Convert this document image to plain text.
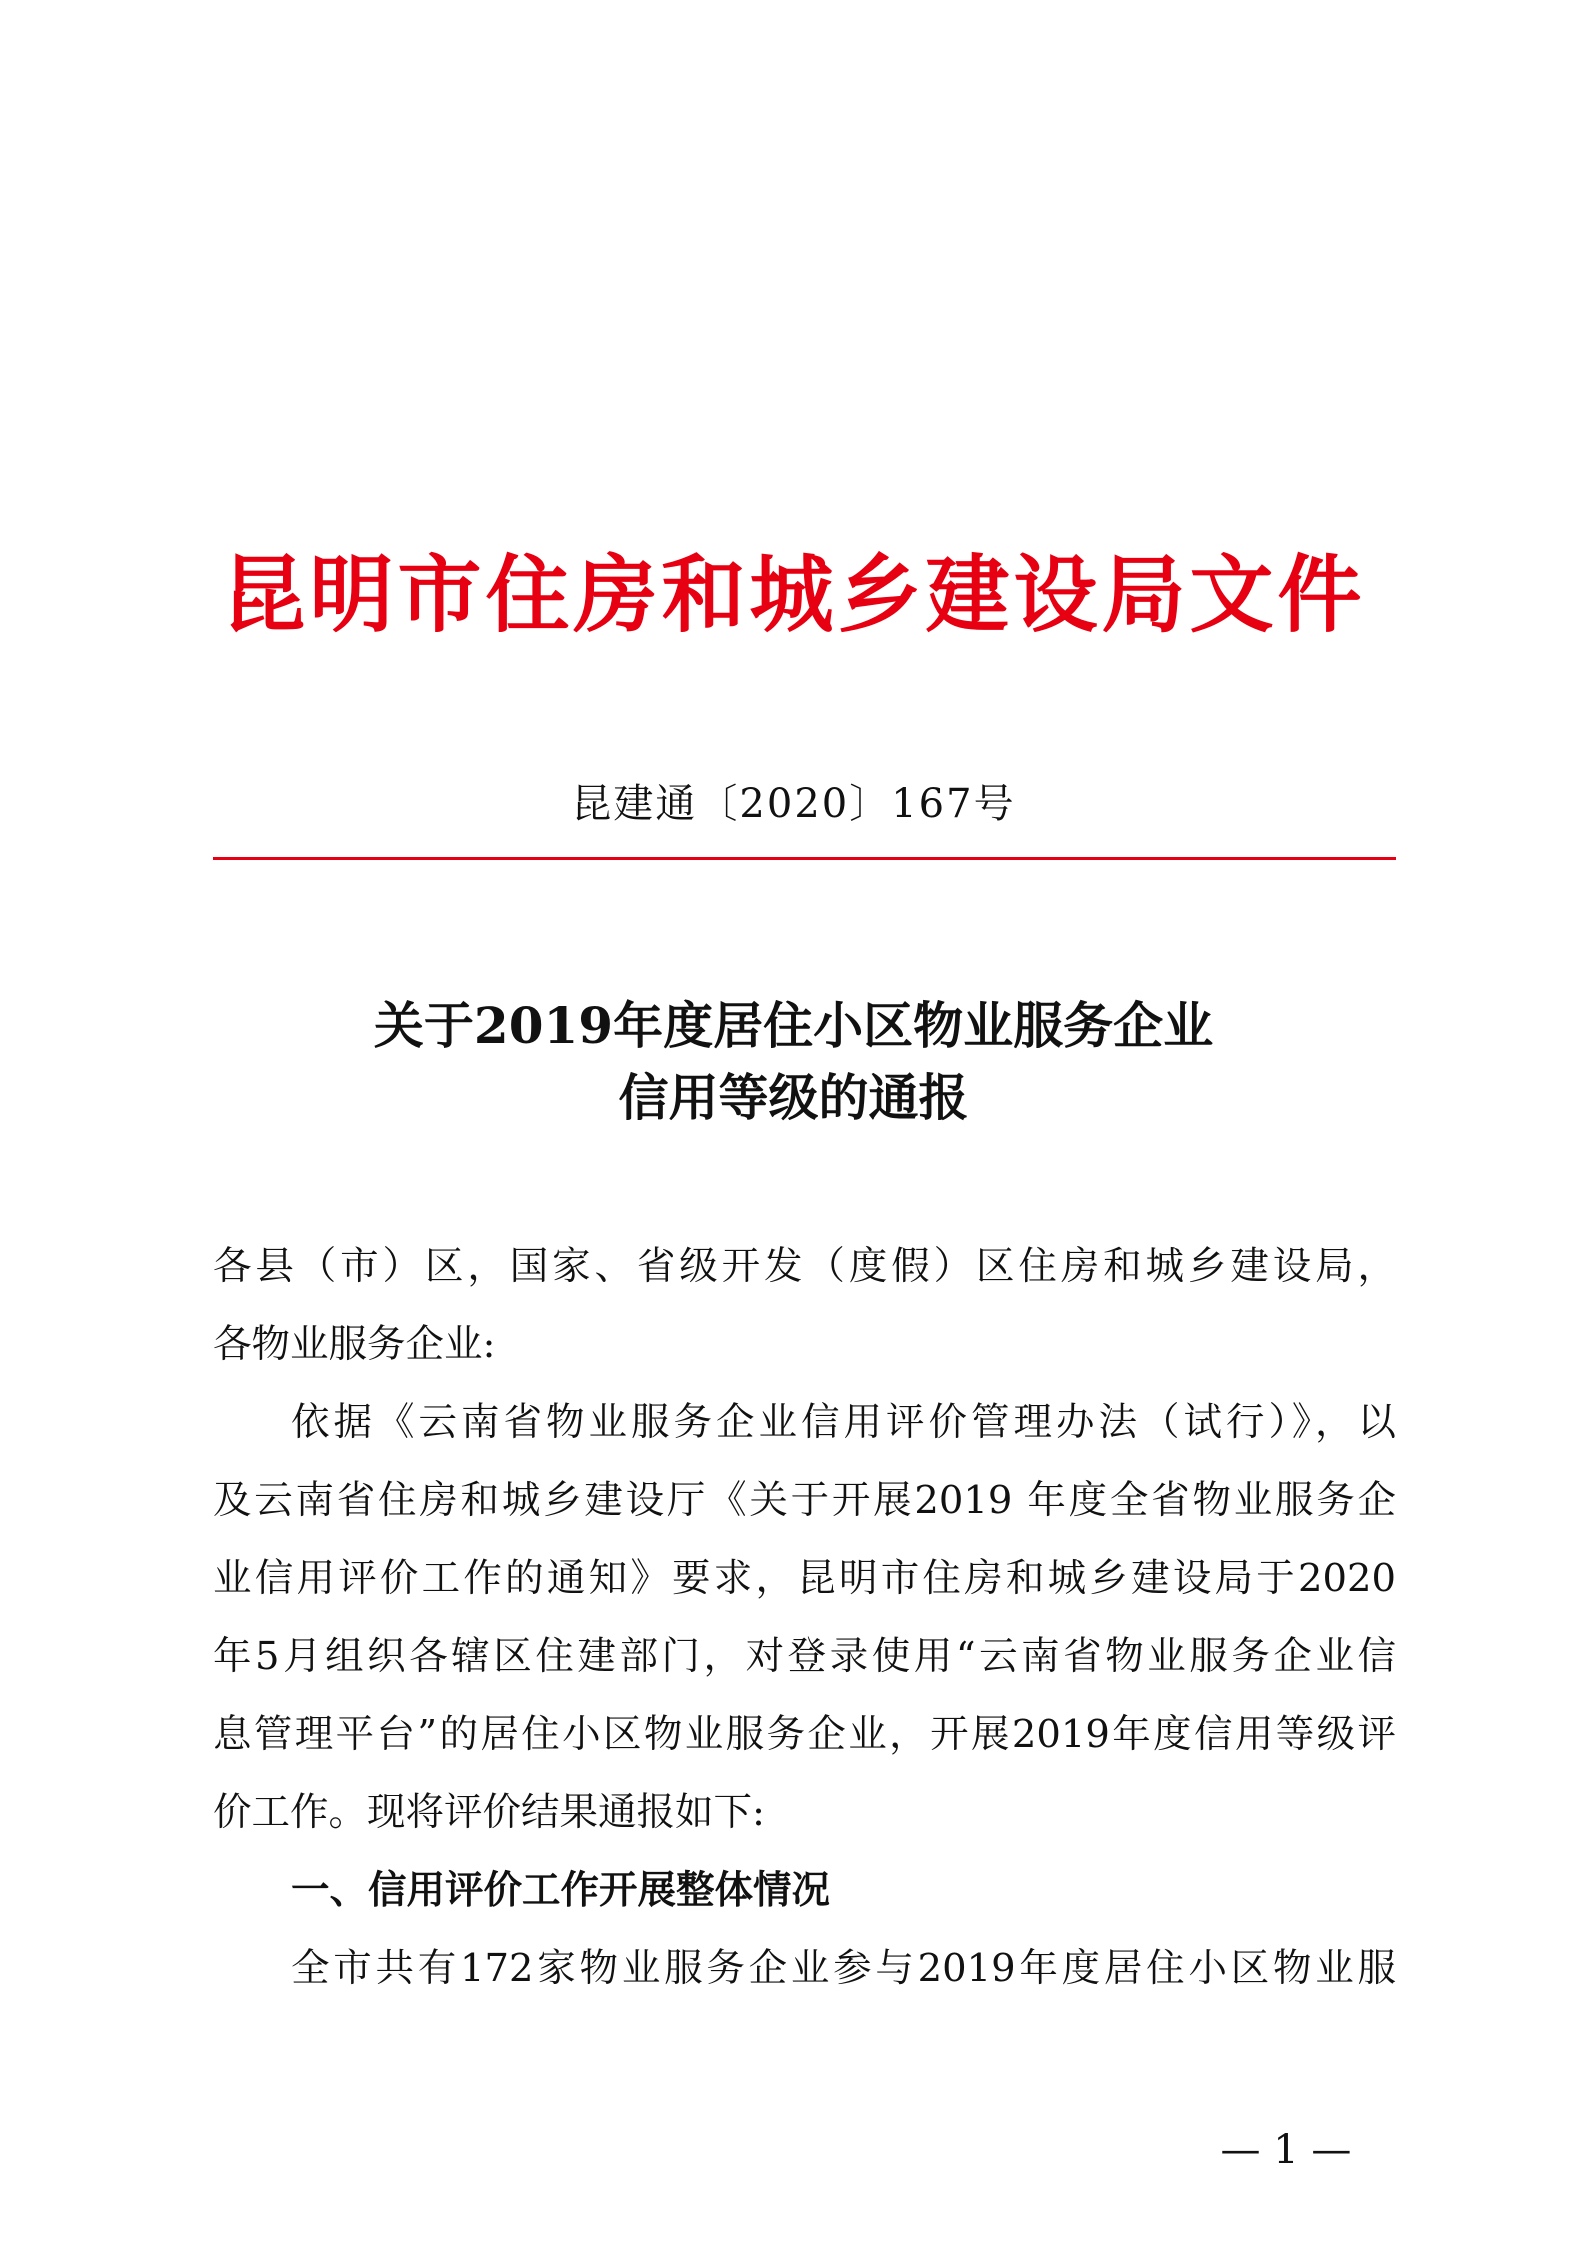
昆明市住房和城乡建设局文件
昆建通〔2020〕167号
关于2019年度居住小区物业服务企业
信用等级的通报

各县（市）区，国家、省级开发（度假）区住房和城乡建设局，
各物业服务企业:

依据《云南省物业服务企业信用评价管理办法（试行）》，以
及云南省住房和城乡建设厅《关于开展2019 年度全省物业服务企
业信用评价工作的通知》要求，昆明市住房和城乡建设局于2020
年5月组织各辖区住建部门，对登录使用“云南省物业服务企业信
息管理平台”的居住小区物业服务企业，开展2019年度信用等级评
价工作。现将评价结果通报如下:

一、信用评价工作开展整体情况

全市共有172家物业服务企业参与2019年度居住小区物业服

— 1 —
